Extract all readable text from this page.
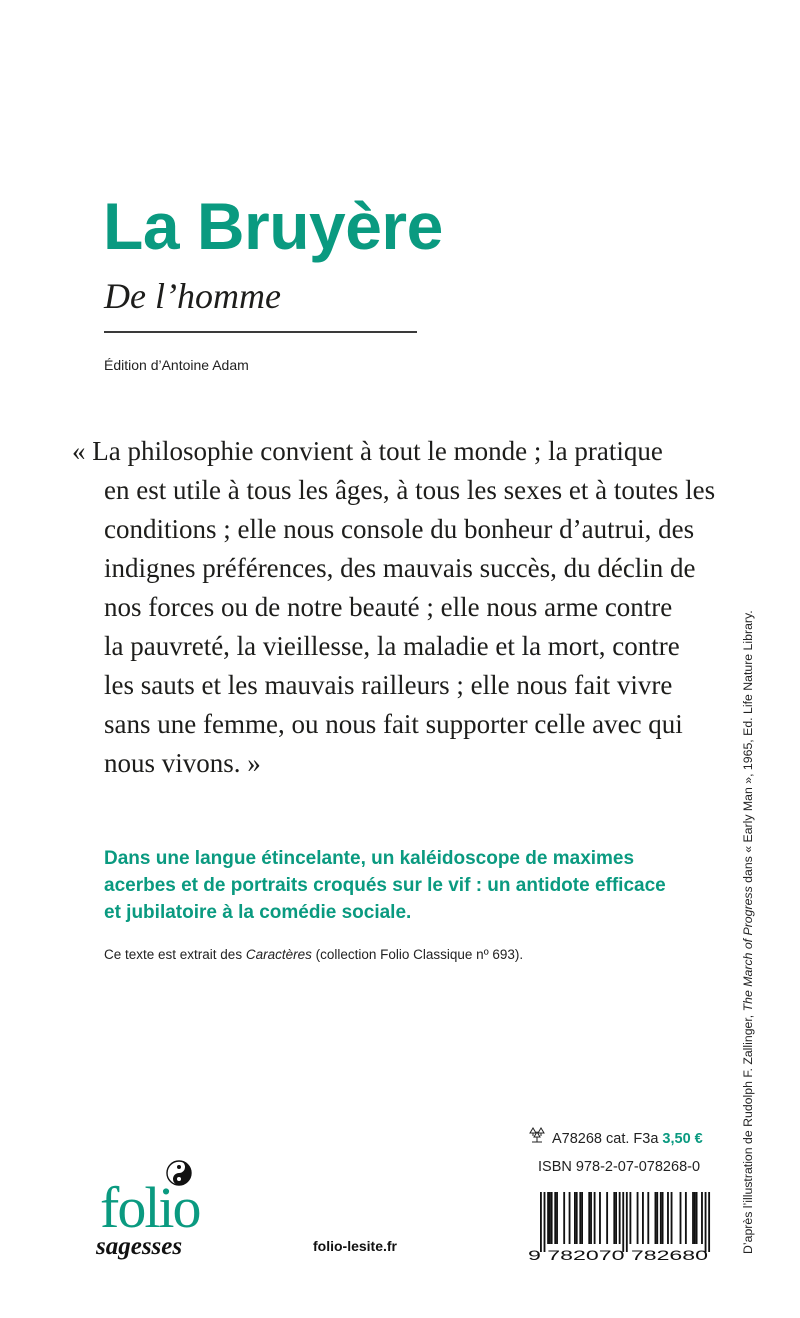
La Bruyère
De l’homme
Édition d’Antoine Adam
« La philosophie convient à tout le monde ; la pratique
en est utile à tous les âges, à tous les sexes et à toutes les
conditions ; elle nous console du bonheur d’autrui, des
indignes préférences, des mauvais succès, du déclin de
nos forces ou de notre beauté ; elle nous arme contre
la pauvreté, la vieillesse, la maladie et la mort, contre
les sauts et les mauvais railleurs ; elle nous fait vivre
sans une femme, ou nous fait supporter celle avec qui
nous vivons. »
Dans une langue étincelante, un kaléidoscope de maximes
acerbes et de portraits croqués sur le vif : un antidote efficace
et jubilatoire à la comédie sociale.
Ce texte est extrait des Caractères (collection Folio Classique nº 693).
D’après l’illustration de Rudolph F. Zallinger, The March of Progress dans « Early Man », 1965, Ed. Life Nature Library.
A78268 cat. F3a 3,50 €
ISBN 978-2-07-078268-0
9 782070 782680
folio
sagesses	folio-lesite.fr
